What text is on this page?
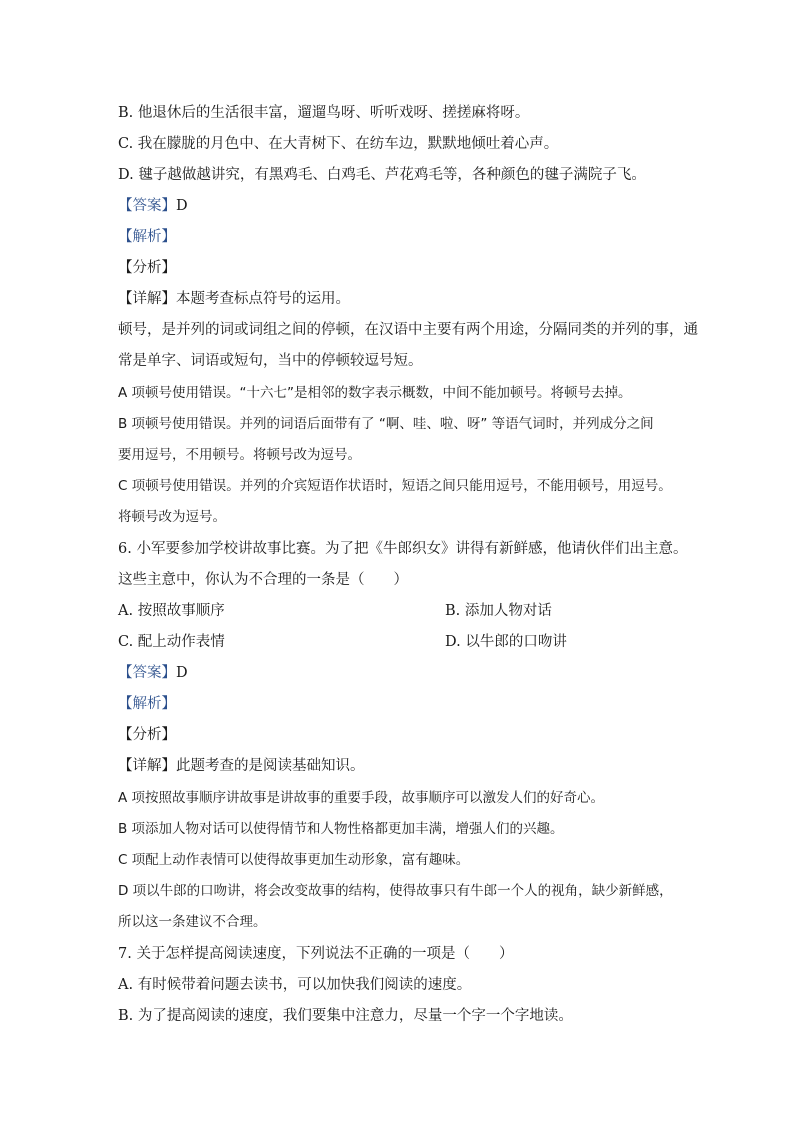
B. 他退休后的生活很丰富，遛遛鸟呀、听听戏呀、搓搓麻将呀。
C. 我在朦胧的月色中、在大青树下、在纺车边，默默地倾吐着心声。
D. 毽子越做越讲究，有黑鸡毛、白鸡毛、芦花鸡毛等，各种颜色的毽子满院子飞。
【答案】D
【解析】
【分析】
【详解】本题考查标点符号的运用。
顿号，是并列的词或词组之间的停顿，在汉语中主要有两个用途，分隔同类的并列的事，通
常是单字、词语或短句，当中的停顿较逗号短。
A 项顿号使用错误。“十六七”是相邻的数字表示概数，中间不能加顿号。将顿号去掉。
B 项顿号使用错误。并列的词语后面带有了 “啊、哇、啦、呀” 等语气词时，并列成分之间
要用逗号，不用顿号。将顿号改为逗号。
C 项顿号使用错误。并列的介宾短语作状语时，短语之间只能用逗号，不能用顿号，用逗号。
将顿号改为逗号。
6. 小军要参加学校讲故事比赛。为了把《牛郎织女》讲得有新鲜感，他请伙伴们出主意。
这些主意中，你认为不合理的一条是（　　）
A. 按照故事顺序	B. 添加人物对话
C. 配上动作表情	D. 以牛郎的口吻讲
【答案】D
【解析】
【分析】
【详解】此题考查的是阅读基础知识。
A 项按照故事顺序讲故事是讲故事的重要手段，故事顺序可以激发人们的好奇心。
B 项添加人物对话可以使得情节和人物性格都更加丰满，增强人们的兴趣。
C 项配上动作表情可以使得故事更加生动形象，富有趣味。
D 项以牛郎的口吻讲，将会改变故事的结构，使得故事只有牛郎一个人的视角，缺少新鲜感，
所以这一条建议不合理。
7. 关于怎样提高阅读速度，下列说法不正确的一项是（　　）
A. 有时候带着问题去读书，可以加快我们阅读的速度。
B. 为了提高阅读的速度，我们要集中注意力，尽量一个字一个字地读。
